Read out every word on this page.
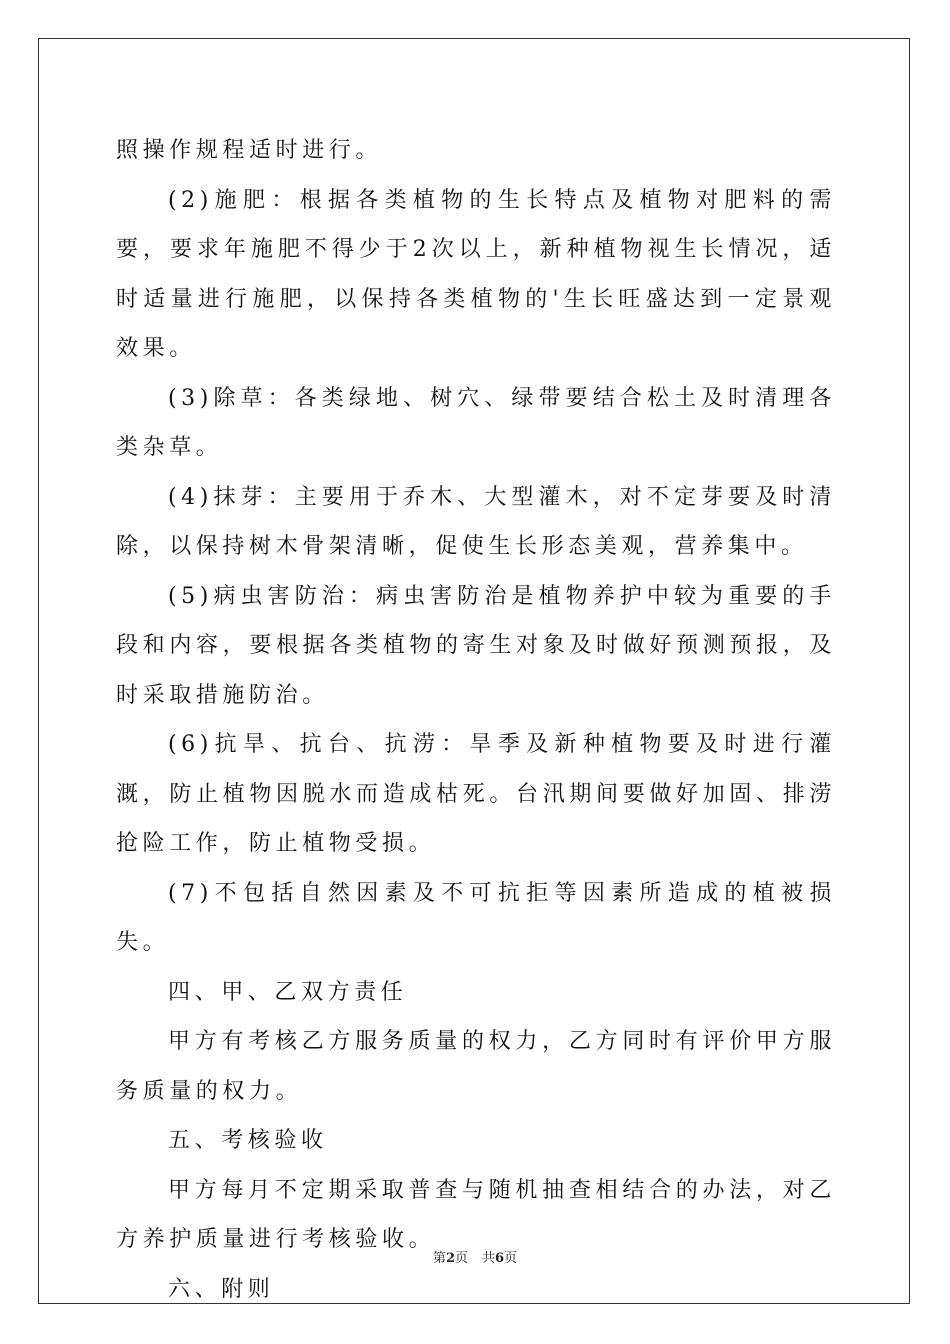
照操作规程适时进行。

(2)施肥：根据各类植物的生长特点及植物对肥料的需要，要求年施肥不得少于2次以上，新种植物视生长情况，适时适量进行施肥，以保持各类植物的'生长旺盛达到一定景观效果。

(3)除草：各类绿地、树穴、绿带要结合松土及时清理各类杂草。

(4)抹芽：主要用于乔木、大型灌木，对不定芽要及时清除，以保持树木骨架清晰，促使生长形态美观，营养集中。

(5)病虫害防治：病虫害防治是植物养护中较为重要的手段和内容，要根据各类植物的寄生对象及时做好预测预报，及时采取措施防治。

(6)抗旱、抗台、抗涝：旱季及新种植物要及时进行灌溉，防止植物因脱水而造成枯死。台汛期间要做好加固、排涝抢险工作，防止植物受损。

(7)不包括自然因素及不可抗拒等因素所造成的植被损失。

四、甲、乙双方责任

甲方有考核乙方服务质量的权力，乙方同时有评价甲方服务质量的权力。

五、考核验收

甲方每月不定期采取普查与随机抽查相结合的办法，对乙方养护质量进行考核验收。

六、附则

第2页 共6页
